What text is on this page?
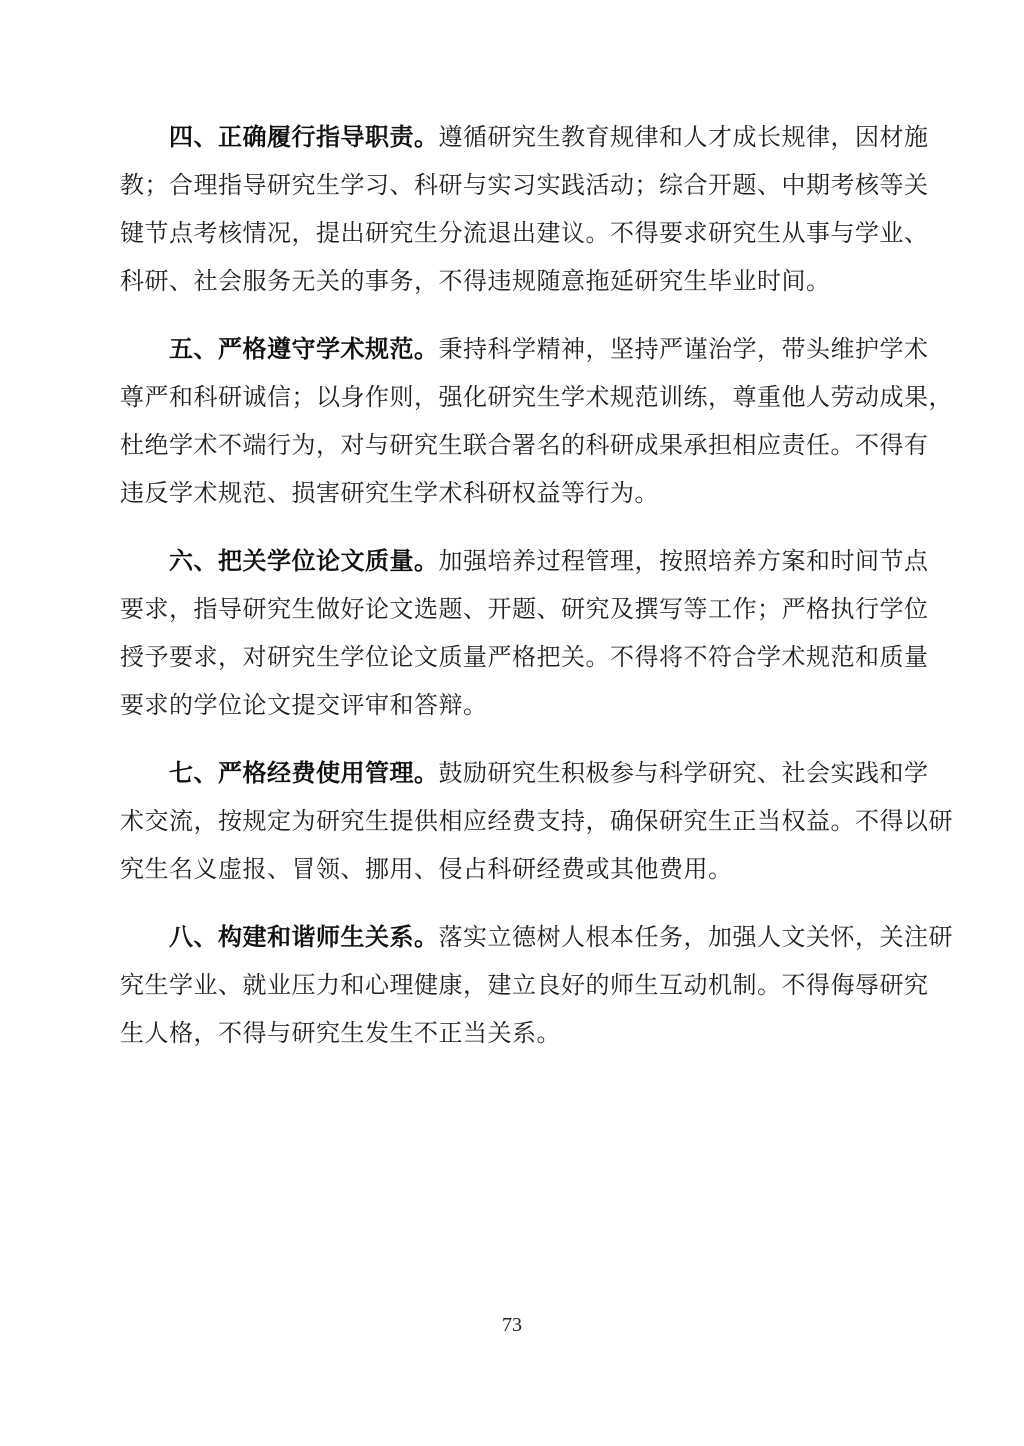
四、正确履行指导职责。遵循研究生教育规律和人才成长规律，因材施
教；合理指导研究生学习、科研与实习实践活动；综合开题、中期考核等关
键节点考核情况，提出研究生分流退出建议。不得要求研究生从事与学业、
科研、社会服务无关的事务，不得违规随意拖延研究生毕业时间。
五、严格遵守学术规范。秉持科学精神，坚持严谨治学，带头维护学术
尊严和科研诚信；以身作则，强化研究生学术规范训练，尊重他人劳动成果，
杜绝学术不端行为，对与研究生联合署名的科研成果承担相应责任。不得有
违反学术规范、损害研究生学术科研权益等行为。
六、把关学位论文质量。加强培养过程管理，按照培养方案和时间节点
要求，指导研究生做好论文选题、开题、研究及撰写等工作；严格执行学位
授予要求，对研究生学位论文质量严格把关。不得将不符合学术规范和质量
要求的学位论文提交评审和答辩。
七、严格经费使用管理。鼓励研究生积极参与科学研究、社会实践和学
术交流，按规定为研究生提供相应经费支持，确保研究生正当权益。不得以研
究生名义虚报、冒领、挪用、侵占科研经费或其他费用。
八、构建和谐师生关系。落实立德树人根本任务，加强人文关怀，关注研
究生学业、就业压力和心理健康，建立良好的师生互动机制。不得侮辱研究
生人格，不得与研究生发生不正当关系。
73
